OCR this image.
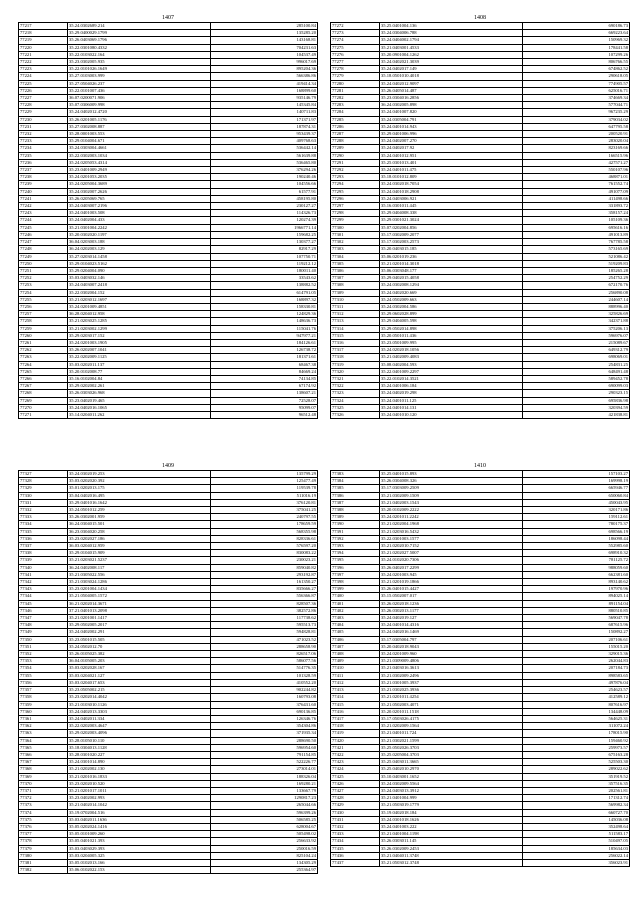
1407
77217	35.24.0302689.214	285100.84
77218	35.29.0400029.1799	135285.20
77219	35.26.0403069.1796	143168.81
77220	35.22.0301080.4332	704231.63
77221	35.22.0103022.164	104537.49
77222	35.23.0302005.935	996017.69
77223	35.22.0101026.1649	895204.36
77224	35.27.0103003.999	566386.86
77225	35.27.0504026.237	419414.34
77226	35.22.0101007.436	168899.60
77227	36.07.0200071.906	935146.79
77228	35.07.0306009.998	145345.84
77229	35.24.0402012.4720	140711.83
77230	35.26.0201005.1176	171371.97
77231	35.27.0302008.887	187874.31
77232	35.28.0001003.553	953439.37
77233	35.29.0104004.671	409768.63
77234	35.24.0303004.4661	536442.14
77235	35.22.0302003.1034	561639.88
77236	35.24.0205053.4314	536465.80
77237	35.23.0401009.2949	376294.26
77238	35.24.0201053.2035	190240.46
77239	35.24.0205004.3689	104556.66
77240	35.24.0302007.2626	61577.91
77241	35.26.0205069.765	458195.80
77242	35.24.0403007.2196	230127.27
77243	35.24.0401003.508	114326.73
77244	35.24.0402004.433	120274.39
77245	35.21.0301004.2242	1966771.14
77246	35.20.0302020.1197	159682.25
77247	36.04.0203003.188	130377.27
77248	36.24.0202003.129	82917.29
77249	35.27.0203014.1458	107750.71
77250	35.29.0104023.5162	119212.12
77251	35.29.0204004.090	180011.40
77252	35.03.0403032.146	33543.62
77253	35.24.0403007.2418	138882.52
77254	35.22.0302004.152	614791.05
77255	35.21.0203012.1697	168897.32
77256	35.24.0201009.4851	158330.81
77257	36.28.0204012.958	124829.36
77258	35.21.0203025.1285	148636.73
77259	35.21.0203002.1299	115041.76
77260	35.29.0203017.152	947977.21
77261	35.24.0201003.1905	184126.61
77262	35.26.0202007.1041	126738.72
77263	35.22.0202009.1125	181371.61
77264	35.03.0202011.137	68467.38
77265	35.20.0102008.77	84669.24
77266	35.16.0102004.84	74134.85
77267	35.29.0202002.261	67174.92
77268	35.26.0303026.968	138607.21
77269	35.23.0402019.465	72528.07
77270	35.24.0402016.1065	95099.07
77271	35.14.0204011.262	96512.48
1408
77272	35.25.0401004.136	690186.73
77273	35.24.0304006.788	669223.64
77274	35.24.0404002.1794	150969.32
77275	35.21.0403001.4533	178441.58
77276	35.20.0901004.1262	107299.26
77277	35.24.0402021.3039	806766.55
77278	35.24.0402017.149	674862.52
77279	35.18.0501010.4018	290618.05
77280	35.24.0402012.9097	774905.57
77281	35.26.0405014.487	625016.71
77282	35.23.0304016.2856	374669.34
77283	36.24.0302005.898	577044.71
77284	35.24.0401007.820	967235.29
77285	35.24.0305004.791	379034.02
77286	35.24.0401014.943	647795.58
77287	35.29.0401006.996	200520.91
77288	35.24.0402007.270	283020.04
77289	35.24.0402017.92	823169.66
77290	35.24.0401012.951	166515.96
77291	35.25.0301013.401	427571.27
77292	35.24.0401011.475	550107.96
77293	35.18.0101012.809	468871.01
77294	35.24.0302018.7054	761552.74
77295	35.24.0401018.2908	491077.09
77296	35.24.0403006.921	411498.66
77297	35.16.0301011.445	331893.72
77298	35.29.0404008.338	358157.24
77299	35.29.0301021.3024	105109.36
77300	35.07.0202004.856	695616.16
77301	35.17.0302009.2077	491013.89
77302	35.17.0302003.2573	767785.58
77303	35.20.0403015.185	573165.69
77304	35.06.0201019.236	521086.42
77305	35.21.0201014.3018	519209.83
77306	35.06.0303048.177	185265.28
77307	35.29.0402015.4058	254752.29
77308	35.24.0302008.1294	672170.76
77309	35.24.0402020.669	256890.08
77310	35.24.0502009.663	244607.14
77311	35.24.0302004.586	888996.40
77312	35.29.0602028.899	325826.69
77313	35.29.0404005.598	342371.88
77314	35.29.0502014.898	375206.13
77315	35.20.0501011.436	596976.07
77316	35.23.0501009.995	215089.67
77317	35.24.0202018.1056	649312.79
77318	35.21.0402009.4083	698069.01
77319	35.08.0402004.593	254831.25
77320	35.22.0401009.2297	648491.48
77321	35.22.0102014.3521	589452.78
77322	35.24.0401006.184	690099.03
77323	35.24.0402019.298	290323.15
77324	35.24.0401011.125	695836.98
77325	35.24.0401014.131	320394.59
77326	35.24.0401010.120	421838.81
1409
77327	35.24.0302019.253	135799.29
77328	35.03.0202020.392	125477.49
77329	35.01.0202013.175	119539.78
77330	35.04.0402016.495	511016.19
77331	35.29.0401016.1642	376120.81
77332	35.24.0501012.259	375041.25
77333	35.26.0302001.959	240797.55
77334	36.24.0304015.501	178659.59
77335	36.23.0304020.258	568355.98
77336	35.23.0202027.186	828336.61
77337	36.03.0204012.959	576597.20
77338	35.29.0104015.909	830083.22
77339	35.21.0203021.5237	230023.21
77340	36.24.0402008.117	859040.82
77341	35.21.0305022.556	293192.87
77342	35.21.0303024.1286	161350.27
77343	35.23.0201004.1434	835666.27
77344	35.21.0504005.1572	556366.87
77345	36.21.0202014.3671	828507.36
77346	37.21.0401013.2098	382572.86
77347	35.21.0201001.1417	117738.62
77348	35.29.0502005.2017	595513.73
77349	35.24.0402002.291	594828.81
77350	35.23.0501015.505	471023.52
77351	35.24.0502012.70	288658.90
77352	35.26.0105025.382	826517.06
77353	36.04.0105005.203	586077.56
77354	35.03.0202028.167	514776.35
77355	35.03.0204021.127	101328.59
77356	35.03.0204017.653	410552.20
77357	35.23.0505002.215	902244.82
77358	35.23.0202014.4042	160793.08
77359	35.21.0103010.1126	376431.60
77360	35.24.0402013.3303	690136.85
77361	35.24.0402011.334	126346.76
77362	35.22.0202003.4647	354304.86
77363	35.29.0202003.4096	371935.34
77364	35.28.0105010.110	288690.50
77365	35.18.0304013.1128	596954.60
77366	35.28.0301020.227	791154.85
77367	35.24.0301014.890	522226.77
77368	35.21.0202002.130	273014.01
77369	35.21.0201016.1833	188326.04
77370	35.23.0202010.520	169280.21
77371	35.21.0201017.1011	133667.79
77372	35.23.0402002.993	1290817.23
77373	35.21.0402014.1042	265044.66
77374	35.19.0702004.516	596399.26
77375	35.03.0402011.1636	506585.25
77376	35.05.0202024.1416	628004.67
77377	35.05.0101009.260	505498.02
77378	35.05.0401021.393	256633.92
77379	35.03.0403029.393	250016.59
77380	35.03.0204005.325	825104.24
77381	35.05.0102013.166	134305.29
77382	35.06.0102022.153	255364.97
1410
77383	35.25.0401015.893	157103.27
77384	35.26.0304008.326	169998.19
77385	35.17.0303009.2509	665946.77
77386	35.21.0302009.1509	650060.84
77387	35.21.0402003.1543	450043.95
77388	35.20.0102009.2222	320171.86
77389	35.24.0201011.2242	159112.61
77390	35.21.0202004.1968	780175.37
77391	35.21.0203016.5432	698566.19
77392	35.22.0301003.1577	186098.44
77393	35.21.0202010.7152	552985.60
77394	35.21.0202027.5007	698910.32
77395	35.24.0102020.7306	781125.72
77396	35.26.0402017.2299	988059.60
77397	35.24.0201003.945	662381.60
77398	35.21.0201019.1866	893140.62
77399	35.26.0401015.4427	197970.96
77400	35.15.0502007.017	894025.14
77401	35.26.0202018.1236	891154.04
77402	35.26.0302013.1177	880510.85
77403	35.24.0402019.127	569047.78
77404	35.24.0401014.4316	687615.96
77405	35.24.0402016.1469	150892.27
77406	35.17.0305004.797	207106.61
77407	35.20.0402018.9043	155015.20
77408	35.24.0201009.960	329015.36
77409	35.21.0309009.4806	262044.83
77410	35.21.0403016.3613	207184.73
77411	35.21.0302009.2496	898583.65
77412	35.21.0301005.3937	497876.04
77413	35.21.0302025.3936	254623.57
77414	35.21.0201011.4254	412589.12
77415	35.21.0502003.4071	807616.97
77416	35.20.0201011.1518	134448.09
77417	35.17.0503026.4175	564625.31
77418	35.21.0202009.1564	311072.24
77419	35.21.0401011.724	178015.90
77420	35.21.0302021.1599	159460.92
77421	35.25.0502026.3703	259973.57
77422	35.25.0205004.3703	675163.28
77423	35.25.0403011.3665	525503.30
77424	35.25.0402010.2970	289022.62
77425	35.10.0403001.1652	351919.52
77426	35.24.0302009.5564	357516.35
77427	35.24.0403013.3912	202561.81
77428	35.21.0401004.999	171312.74
77429	35.21.0503019.1779	569982.34
77430	35.19.0402018.184	660727.70
77431	35.24.0301018.1626	145036.08
77432	35.24.0401003.222	352498.64
77433	35.21.0401004.1198	511583.17
77434	35.26.0303011.145	510497.05
77435	35.26.0302009.2453	185634.03
77436	35.21.0404011.3748	256022.14
77437	35.21.0503012.3748	356023.91
